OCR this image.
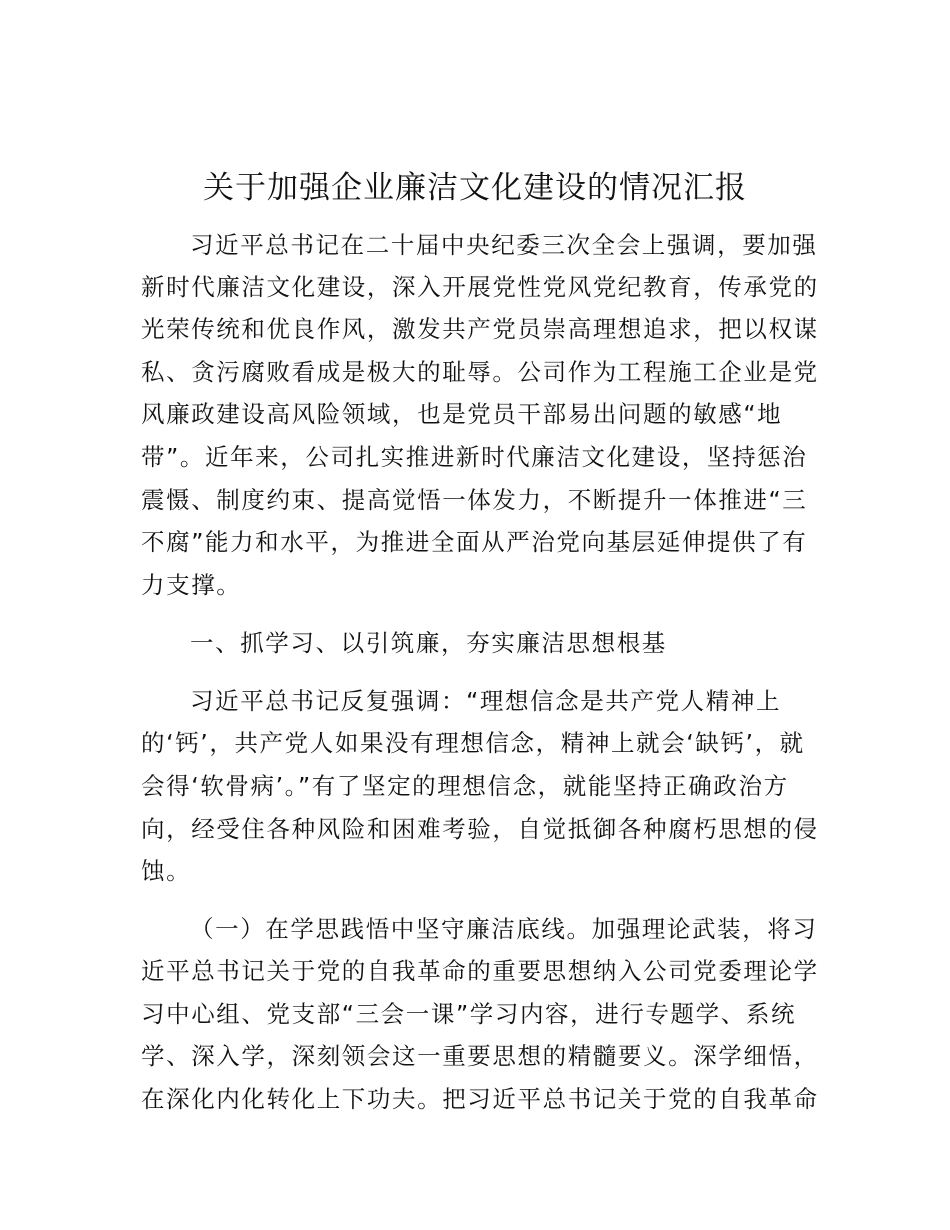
关于加强企业廉洁文化建设的情况汇报
习近平总书记在二十届中央纪委三次全会上强调，要加强
新时代廉洁文化建设，深入开展党性党风党纪教育，传承党的
光荣传统和优良作风，激发共产党员崇高理想追求，把以权谋
私、贪污腐败看成是极大的耻辱。公司作为工程施工企业是党
风廉政建设高风险领域，也是党员干部易出问题的敏感“地
带”。近年来，公司扎实推进新时代廉洁文化建设，坚持惩治
震慑、制度约束、提高觉悟一体发力，不断提升一体推进“三
不腐”能力和水平，为推进全面从严治党向基层延伸提供了有
力支撑。
一、抓学习、以引筑廉，夯实廉洁思想根基
习近平总书记反复强调：“理想信念是共产党人精神上
的‘钙’，共产党人如果没有理想信念，精神上就会‘缺钙’，就
会得‘软骨病’。”有了坚定的理想信念，就能坚持正确政治方
向，经受住各种风险和困难考验，自觉抵御各种腐朽思想的侵
蚀。
（一）在学思践悟中坚守廉洁底线。加强理论武装，将习
近平总书记关于党的自我革命的重要思想纳入公司党委理论学
习中心组、党支部“三会一课”学习内容，进行专题学、系统
学、深入学，深刻领会这一重要思想的精髓要义。深学细悟，
在深化内化转化上下功夫。把习近平总书记关于党的自我革命
